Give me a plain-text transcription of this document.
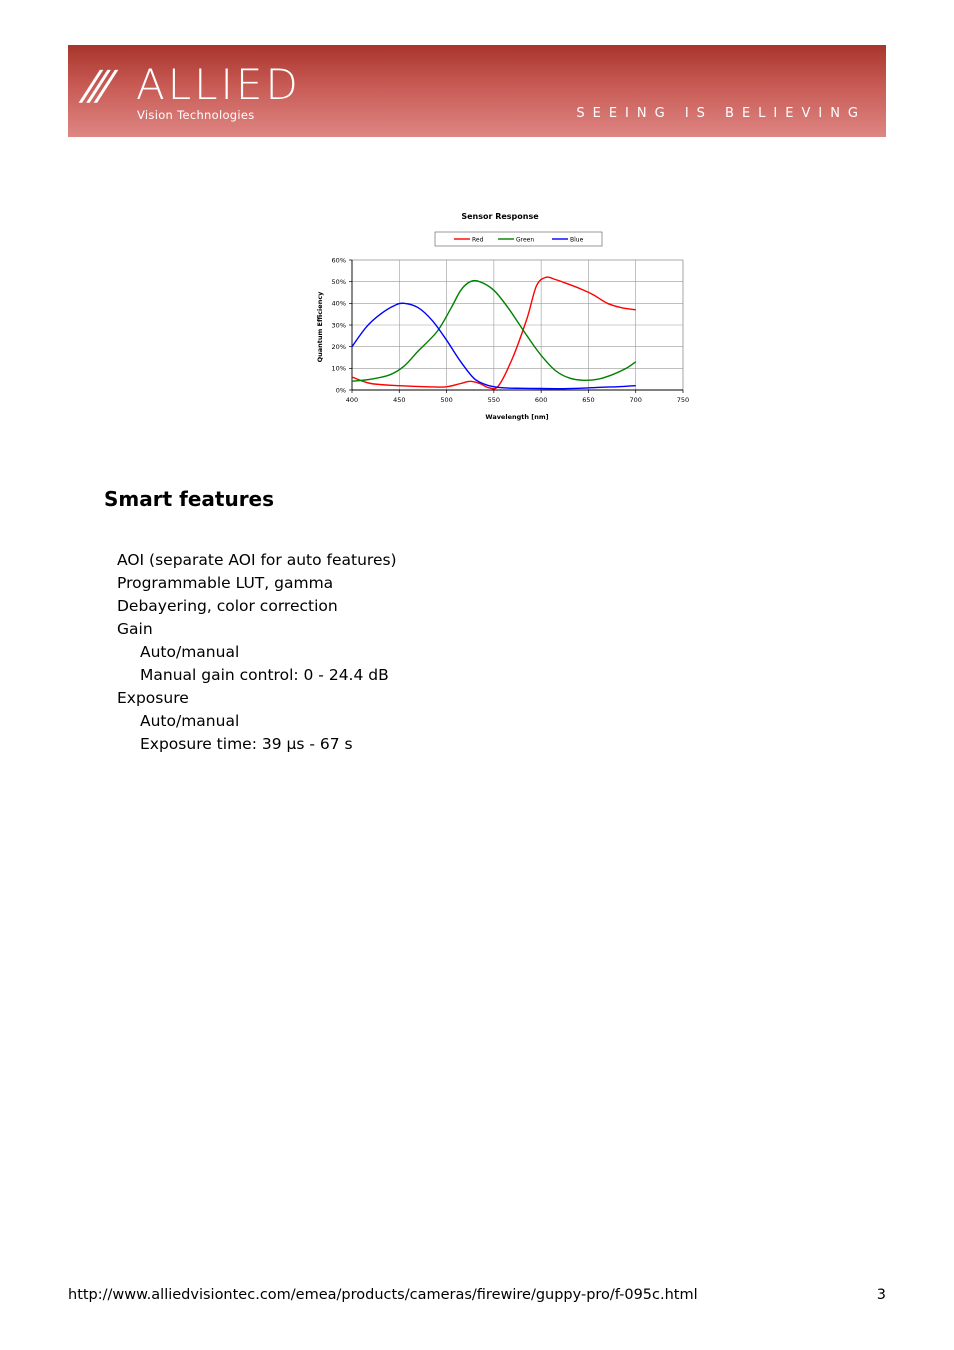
/// ALLIED
Vision Technologies	SEEING IS BELIEVING
Sensor Response
Red	Green	Blue
400	450	500	550	600	650	700	750
0%
10%
20%
30%
40%
50%
60%
Wavelength [nm]
Quantum Efficiency
Smart features
AOI (separate AOI for auto features)
Programmable LUT, gamma
Debayering, color correction
Gain
Auto/manual
Manual gain control: 0 - 24.4 dB
Exposure
Auto/manual
Exposure time: 39 µs - 67 s
http://www.alliedvisiontec.com/emea/products/cameras/firewire/guppy-pro/f-095c.html	3
